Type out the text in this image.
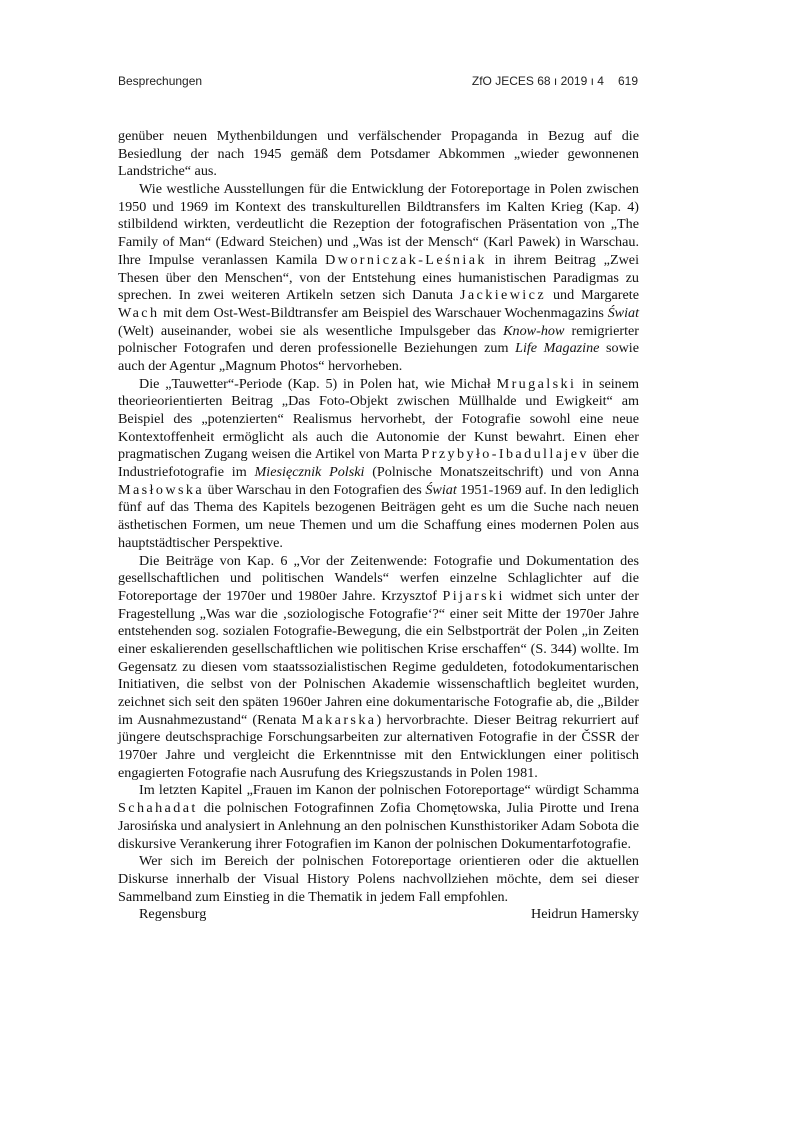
Besprechungen	ZfO JECES 68 ı 2019 ı 4 619

genüber neuen Mythenbildungen und verfälschender Propaganda in Bezug auf die Besiedlung der nach 1945 gemäß dem Potsdamer Abkommen „wieder gewonnenen Landstriche“ aus.

Wie westliche Ausstellungen für die Entwicklung der Fotoreportage in Polen zwischen 1950 und 1969 im Kontext des transkulturellen Bildtransfers im Kalten Krieg (Kap. 4) stilbildend wirkten, verdeutlicht die Rezeption der fotografischen Präsentation von „The Family of Man“ (Edward Steichen) und „Was ist der Mensch“ (Karl Pawek) in Warschau. Ihre Impulse veranlassen Kamila Dworniczak-Leśniak in ihrem Beitrag „Zwei Thesen über den Menschen“, von der Entstehung eines humanistischen Paradigmas zu sprechen. In zwei weiteren Artikeln setzen sich Danuta Jackiewicz und Margarete Wach mit dem Ost-West-Bildtransfer am Beispiel des Warschauer Wochenmagazins Świat (Welt) auseinander, wobei sie als wesentliche Impulsgeber das Know-how remigrierter polnischer Fotografen und deren professionelle Beziehungen zum Life Magazine sowie auch der Agentur „Magnum Photos“ hervorheben.

Die „Tauwetter“-Periode (Kap. 5) in Polen hat, wie Michał Mrugalski in seinem theorieorientierten Beitrag „Das Foto-Objekt zwischen Müllhalde und Ewigkeit“ am Beispiel des „potenzierten“ Realismus hervorhebt, der Fotografie sowohl eine neue Kontextoffenheit ermöglicht als auch die Autonomie der Kunst bewahrt. Einen eher pragmatischen Zugang weisen die Artikel von Marta Przybyło-Ibadullajev über die Industriefotografie im Miesięcznik Polski (Polnische Monatszeitschrift) und von Anna Masłowska über Warschau in den Fotografien des Świat 1951-1969 auf. In den lediglich fünf auf das Thema des Kapitels bezogenen Beiträgen geht es um die Suche nach neuen ästhetischen Formen, um neue Themen und um die Schaffung eines modernen Polen aus hauptstädtischer Perspektive.

Die Beiträge von Kap. 6 „Vor der Zeitenwende: Fotografie und Dokumentation des gesellschaftlichen und politischen Wandels“ werfen einzelne Schlaglichter auf die Fotoreportage der 1970er und 1980er Jahre. Krzysztof Pijarski widmet sich unter der Fragestellung „Was war die ‚soziologische Fotografie‘?“ einer seit Mitte der 1970er Jahre entstehenden sog. sozialen Fotografie-Bewegung, die ein Selbstporträt der Polen „in Zeiten einer eskalierenden gesellschaftlichen wie politischen Krise erschaffen“ (S. 344) wollte. Im Gegensatz zu diesen vom staatssozialistischen Regime geduldeten, fotodokumentarischen Initiativen, die selbst von der Polnischen Akademie wissenschaftlich begleitet wurden, zeichnet sich seit den späten 1960er Jahren eine dokumentarische Fotografie ab, die „Bilder im Ausnahmezustand“ (Renata Makarska) hervorbrachte. Dieser Beitrag rekurriert auf jüngere deutschsprachige Forschungsarbeiten zur alternativen Fotografie in der ČSSR der 1970er Jahre und vergleicht die Erkenntnisse mit den Entwicklungen einer politisch engagierten Fotografie nach Ausrufung des Kriegszustands in Polen 1981.

Im letzten Kapitel „Frauen im Kanon der polnischen Fotoreportage“ würdigt Schamma Schahadat die polnischen Fotografinnen Zofia Chomętowska, Julia Pirotte und Irena Jarosińska und analysiert in Anlehnung an den polnischen Kunsthistoriker Adam Sobota die diskursive Verankerung ihrer Fotografien im Kanon der polnischen Dokumentarfotografie.

Wer sich im Bereich der polnischen Fotoreportage orientieren oder die aktuellen Diskurse innerhalb der Visual History Polens nachvollziehen möchte, dem sei dieser Sammelband zum Einstieg in die Thematik in jedem Fall empfohlen.

Regensburg	Heidrun Hamersky
